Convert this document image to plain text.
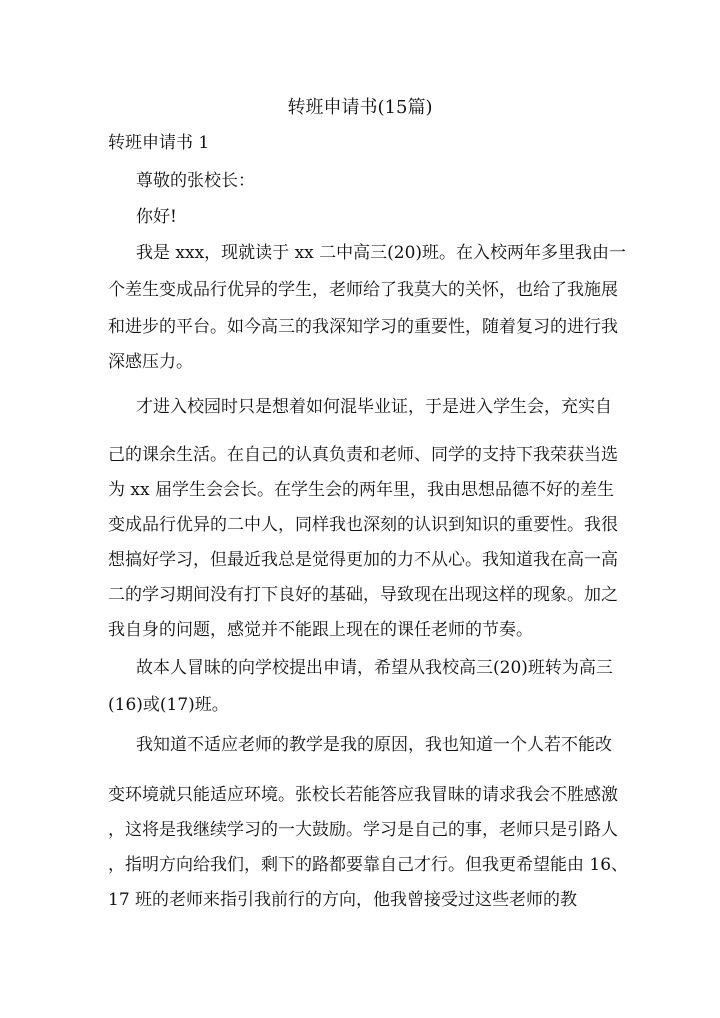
转班申请书(15篇)
转班申请书 1
尊敬的张校长：
你好!
我是 xxx，现就读于 xx 二中高三(20)班。在入校两年多里我由一
个差生变成品行优异的学生，老师给了我莫大的关怀，也给了我施展
和进步的平台。如今高三的我深知学习的重要性，随着复习的进行我
深感压力。
才进入校园时只是想着如何混毕业证，于是进入学生会，充实自
己的课余生活。在自己的认真负责和老师、同学的支持下我荣获当选
为 xx 届学生会会长。在学生会的两年里，我由思想品德不好的差生
变成品行优异的二中人，同样我也深刻的认识到知识的重要性。我很
想搞好学习，但最近我总是觉得更加的力不从心。我知道我在高一高
二的学习期间没有打下良好的基础，导致现在出现这样的现象。加之
我自身的问题，感觉并不能跟上现在的课任老师的节奏。
故本人冒昧的向学校提出申请，希望从我校高三(20)班转为高三
(16)或(17)班。
我知道不适应老师的教学是我的原因，我也知道一个人若不能改
变环境就只能适应环境。张校长若能答应我冒昧的请求我会不胜感激
，这将是我继续学习的一大鼓励。学习是自己的事，老师只是引路人
，指明方向给我们，剩下的路都要靠自己才行。但我更希望能由 16、
17 班的老师来指引我前行的方向，他我曾接受过这些老师的教
